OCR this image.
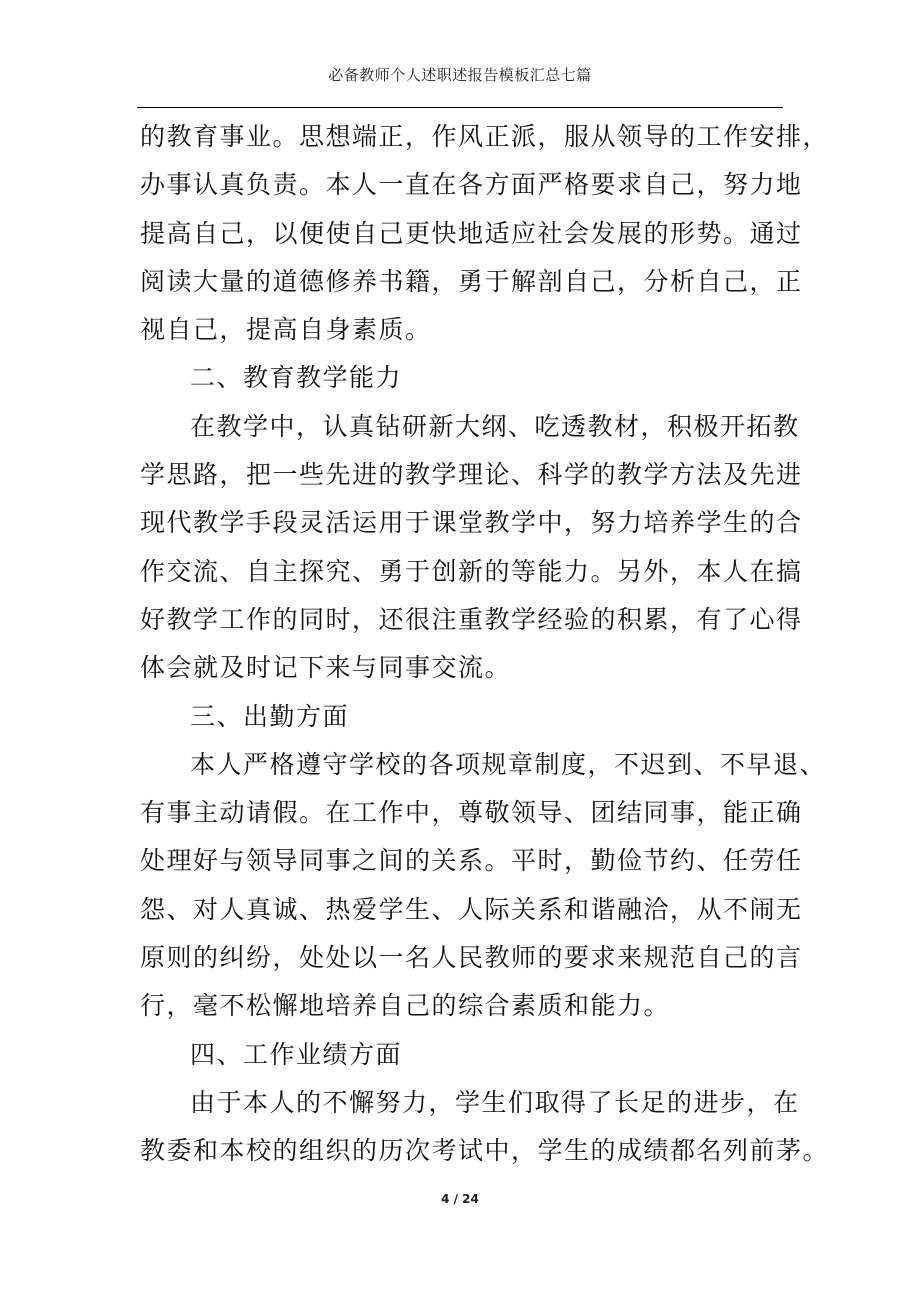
必备教师个人述职述报告模板汇总七篇

的教育事业。思想端正，作风正派，服从领导的工作安排，
办事认真负责。本人一直在各方面严格要求自己，努力地
提高自己，以便使自己更快地适应社会发展的形势。通过
阅读大量的道德修养书籍，勇于解剖自己，分析自己，正
视自己，提高自身素质。

二、教育教学能力

在教学中，认真钻研新大纲、吃透教材，积极开拓教
学思路，把一些先进的教学理论、科学的教学方法及先进
现代教学手段灵活运用于课堂教学中，努力培养学生的合
作交流、自主探究、勇于创新的等能力。另外，本人在搞
好教学工作的同时，还很注重教学经验的积累，有了心得
体会就及时记下来与同事交流。

三、出勤方面

本人严格遵守学校的各项规章制度，不迟到、不早退、
有事主动请假。在工作中，尊敬领导、团结同事，能正确
处理好与领导同事之间的关系。平时，勤俭节约、任劳任
怨、对人真诚、热爱学生、人际关系和谐融洽，从不闹无
原则的纠纷，处处以一名人民教师的要求来规范自己的言
行，毫不松懈地培养自己的综合素质和能力。

四、工作业绩方面

由于本人的不懈努力，学生们取得了长足的进步，在
教委和本校的组织的历次考试中，学生的成绩都名列前茅。

4 / 24
